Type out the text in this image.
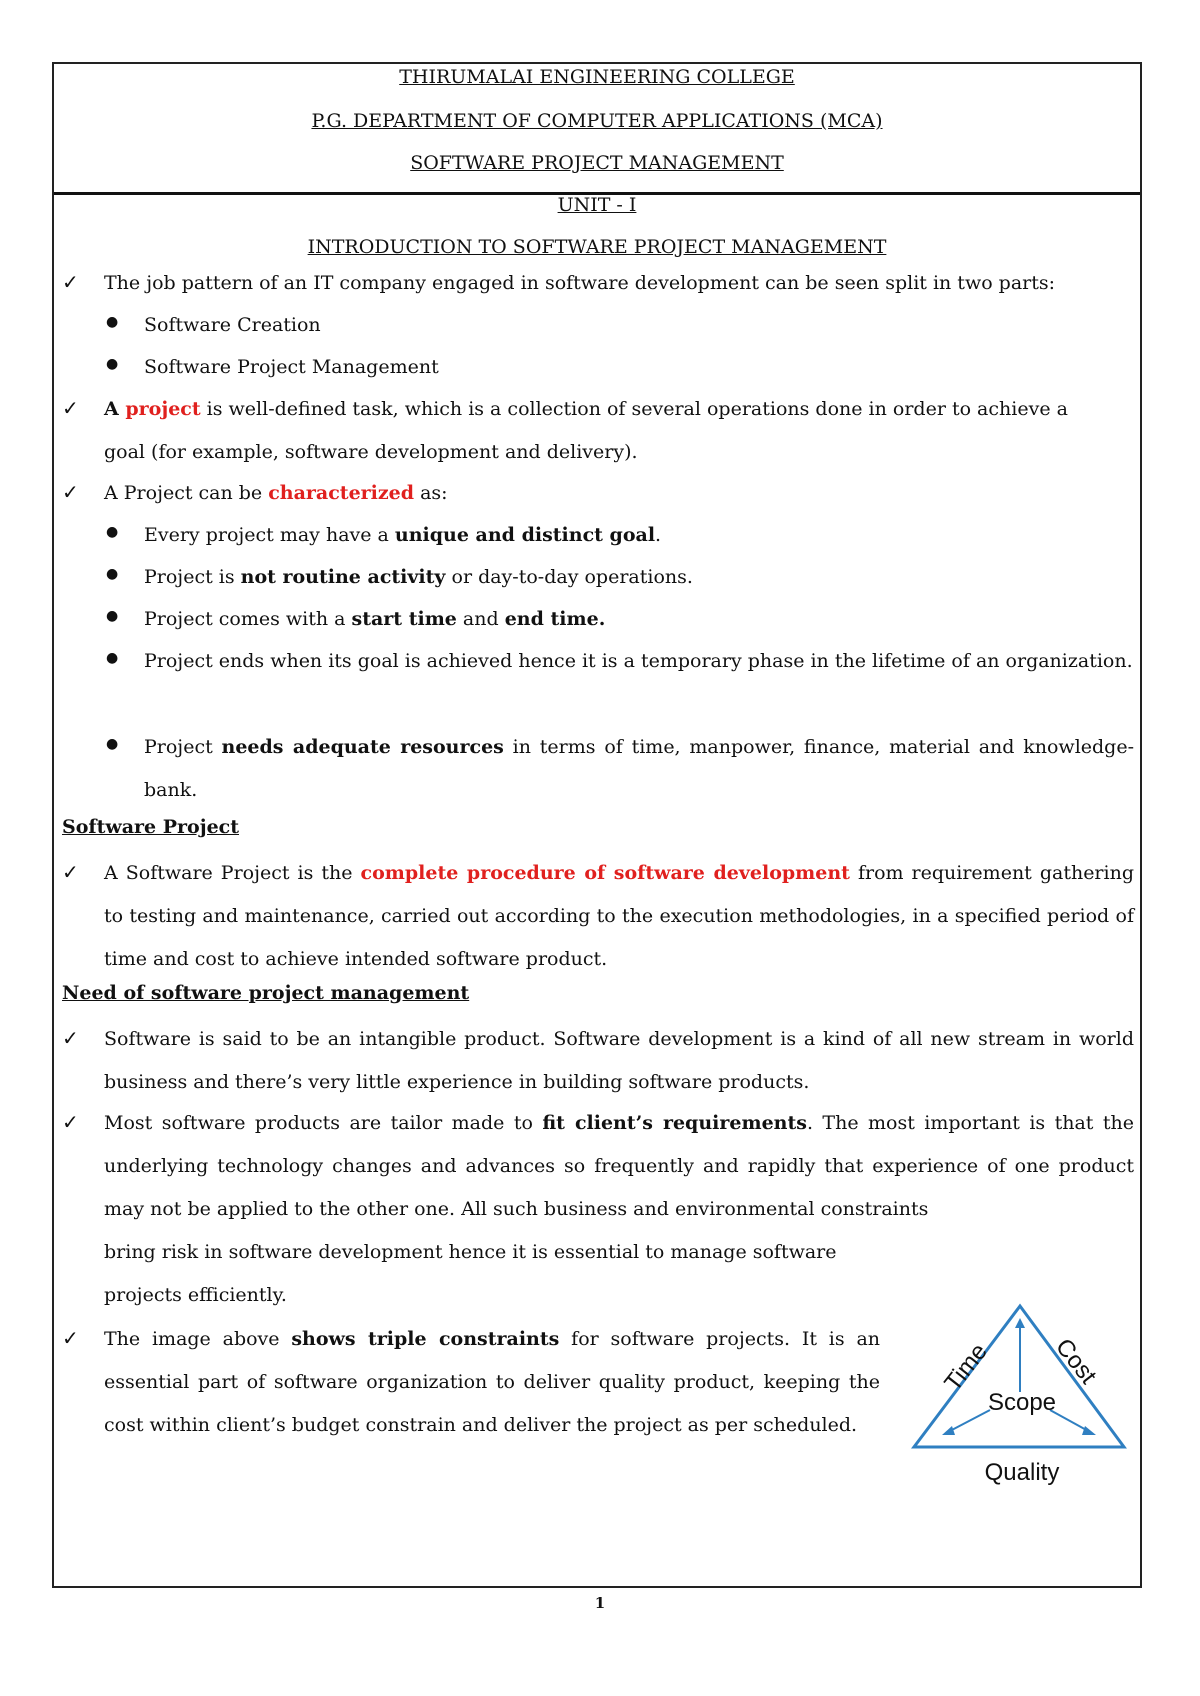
THIRUMALAI ENGINEERING COLLEGE
P.G. DEPARTMENT OF COMPUTER APPLICATIONS (MCA)
SOFTWARE PROJECT MANAGEMENT
UNIT - I
INTRODUCTION TO SOFTWARE PROJECT MANAGEMENT
✓ The job pattern of an IT company engaged in software development can be seen split in two parts:
● Software Creation
● Software Project Management
✓ A project is well-defined task, which is a collection of several operations done in order to achieve a goal (for example, software development and delivery).
✓ A Project can be characterized as:
● Every project may have a unique and distinct goal.
● Project is not routine activity or day-to-day operations.
● Project comes with a start time and end time.
● Project ends when its goal is achieved hence it is a temporary phase in the lifetime of an organization.
● Project needs adequate resources in terms of time, manpower, finance, material and knowledge-bank.
Software Project
✓ A Software Project is the complete procedure of software development from requirement gathering to testing and maintenance, carried out according to the execution methodologies, in a specified period of time and cost to achieve intended software product.
Need of software project management
✓ Software is said to be an intangible product. Software development is a kind of all new stream in world business and there’s very little experience in building software products.
✓ Most software products are tailor made to fit client’s requirements. The most important is that the underlying technology changes and advances so frequently and rapidly that experience of one product may not be applied to the other one. All such business and environmental constraints
bring risk in software development hence it is essential to manage software projects efficiently.
✓ The image above shows triple constraints for software projects. It is an essential part of software organization to deliver quality product, keeping the cost within client’s budget constrain and deliver the project as per scheduled.
Time Cost
Scope
Quality
1
